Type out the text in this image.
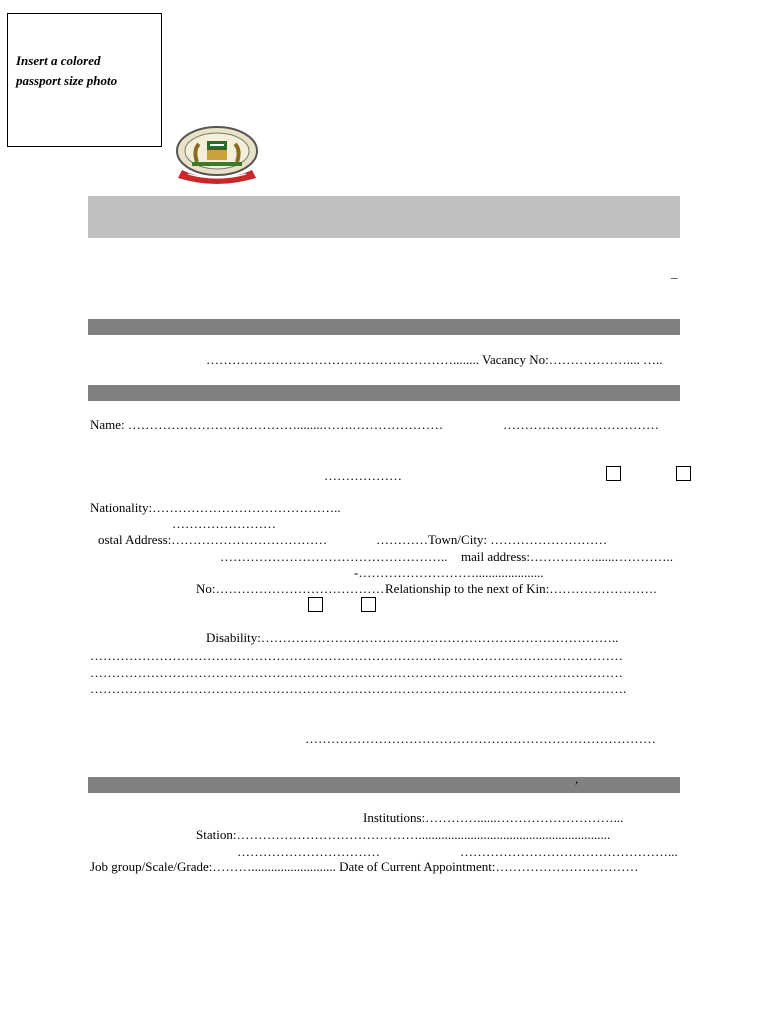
Insert a colored
passport size photo
_
…………………………………………………........ Vacancy No:……………….... …..
Name: …………………………………........…….…………………	………………………………
………………
Nationality:……………………………………..
……………………
ostal Address:………………………………	…………Town/City: ………………………
…………………………………………….. mail address:……………......…………..
-……………………….....................
No:………………………………… Relationship to the next of Kin:…………………….
Disability:………………………………………………………………………..
……………………………………………………………………………………………………………
……………………………………………………………………………………………………………
…………………………………………………………………………………………………………….
………………………………………………………………………
,
Institutions:…………......………………………...
Station:……………………………………...........................................................
……………………………	…………………………………………...
Job group/Scale/Grade:……….......................... Date of Current Appointment:……………………………
